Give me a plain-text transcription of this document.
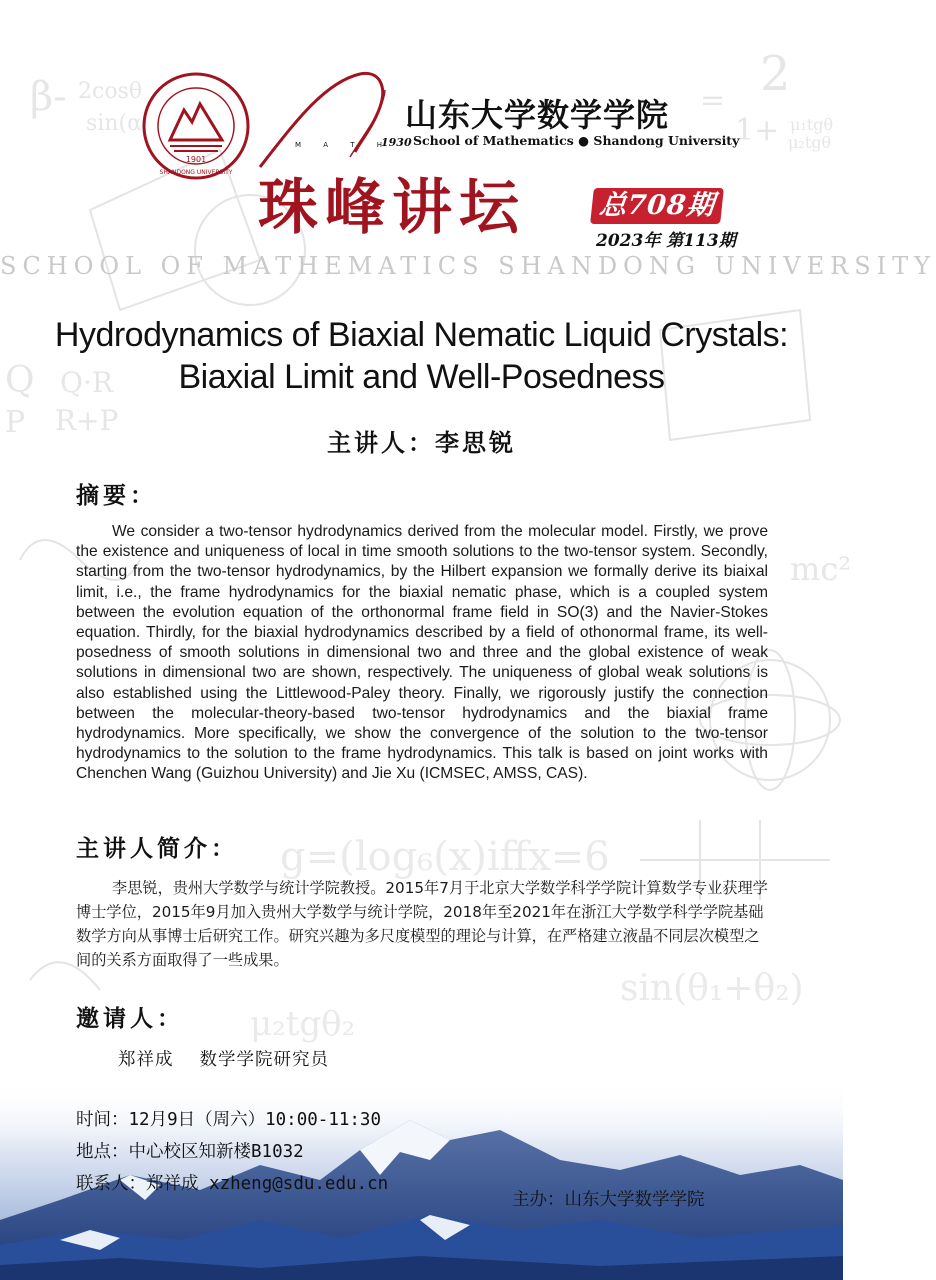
β- 2cosθ
sin(α
= 2
1+ μ₁tgθ
μ₂tgθ
Q Q·R
R+P
P
mc²
g=(log₆(x)iffx=6
sin(θ₁+θ₂)
μ₂tgθ₂
1901
SHANDONG UNIVERSITY
M A T H
山东大学数学学院
1930 School of Mathematics ● Shandong University
珠峰讲坛	总708期
2023年 第113期
SCHOOL OF MATHEMATICS SHANDONG UNIVERSITY
Hydrodynamics of Biaxial Nematic Liquid Crystals:
Biaxial Limit and Well-Posedness
主讲人：李思锐
摘要：
We consider a two-tensor hydrodynamics derived from the molecular model. Firstly, we prove the existence and uniqueness of local in time smooth solutions to the two-tensor system. Secondly, starting from the two-tensor hydrodynamics, by the Hilbert expansion we formally derive its biaixal limit, i.e., the frame hydrodynamics for the biaxial nematic phase, which is a coupled system between the evolution equation of the orthonormal frame field in SO(3) and the Navier-Stokes equation. Thirdly, for the biaxial hydrodynamics described by a field of othonormal frame, its well-posedness of smooth solutions in dimensional two and three and the global existence of weak solutions in dimensional two are shown, respectively. The uniqueness of global weak solutions is also established using the Littlewood-Paley theory. Finally, we rigorously justify the connection between the molecular-theory-based two-tensor hydrodynamics and the biaxial frame hydrodynamics. More specifically, we show the convergence of the solution to the two-tensor hydrodynamics to the solution to the frame hydrodynamics. This talk is based on joint works with Chenchen Wang (Guizhou University) and Jie Xu (ICMSEC, AMSS, CAS).
主讲人简介：
李思锐，贵州大学数学与统计学院教授。2015年7月于北京大学数学科学学院计算数学专业获理学博士学位，2015年9月加入贵州大学数学与统计学院，2018年至2021年在浙江大学数学科学学院基础数学方向从事博士后研究工作。研究兴趣为多尺度模型的理论与计算，在严格建立液晶不同层次模型之间的关系方面取得了一些成果。
邀请人：
郑祥成 数学学院研究员
时间：12月9日（周六）10:00-11:30
地点：中心校区知新楼B1032
联系人：郑祥成 xzheng@sdu.edu.cn
主办：山东大学数学学院
